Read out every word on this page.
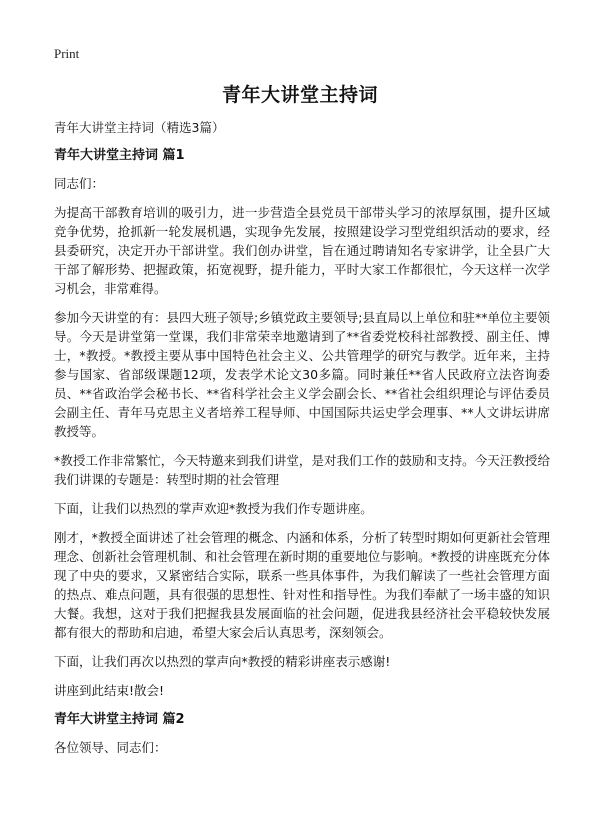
Print
青年大讲堂主持词

青年大讲堂主持词（精选3篇）

青年大讲堂主持词 篇1

同志们：

为提高干部教育培训的吸引力，进一步营造全县党员干部带头学习的浓厚氛围，提升区域竞争优势，抢抓新一轮发展机遇，实现争先发展，按照建设学习型党组织活动的要求，经县委研究，决定开办干部讲堂。我们创办讲堂，旨在通过聘请知名专家讲学，让全县广大干部了解形势、把握政策，拓宽视野，提升能力，平时大家工作都很忙，今天这样一次学习机会，非常难得。

参加今天讲堂的有：县四大班子领导;乡镇党政主要领导;县直局以上单位和驻**单位主要领导。今天是讲堂第一堂课，我们非常荣幸地邀请到了**省委党校科社部教授、副主任、博士，*教授。*教授主要从事中国特色社会主义、公共管理学的研究与教学。近年来，主持参与国家、省部级课题12项，发表学术论文30多篇。同时兼任**省人民政府立法咨询委员、**省政治学会秘书长、**省科学社会主义学会副会长、**省社会组织理论与评估委员会副主任、青年马克思主义者培养工程导师、中国国际共运史学会理事、**人文讲坛讲席教授等。

*教授工作非常繁忙，今天特邀来到我们讲堂，是对我们工作的鼓励和支持。今天汪教授给我们讲课的专题是：转型时期的社会管理

下面，让我们以热烈的掌声欢迎*教授为我们作专题讲座。

刚才，*教授全面讲述了社会管理的概念、内涵和体系，分析了转型时期如何更新社会管理理念、创新社会管理机制、和社会管理在新时期的重要地位与影响。*教授的讲座既充分体现了中央的要求，又紧密结合实际，联系一些具体事件，为我们解读了一些社会管理方面的热点、难点问题，具有很强的思想性、针对性和指导性。为我们奉献了一场丰盛的知识大餐。我想，这对于我们把握我县发展面临的社会问题，促进我县经济社会平稳较快发展都有很大的帮助和启迪，希望大家会后认真思考，深刻领会。

下面，让我们再次以热烈的掌声向*教授的精彩讲座表示感谢!

讲座到此结束!散会!

青年大讲堂主持词 篇2

各位领导、同志们：
